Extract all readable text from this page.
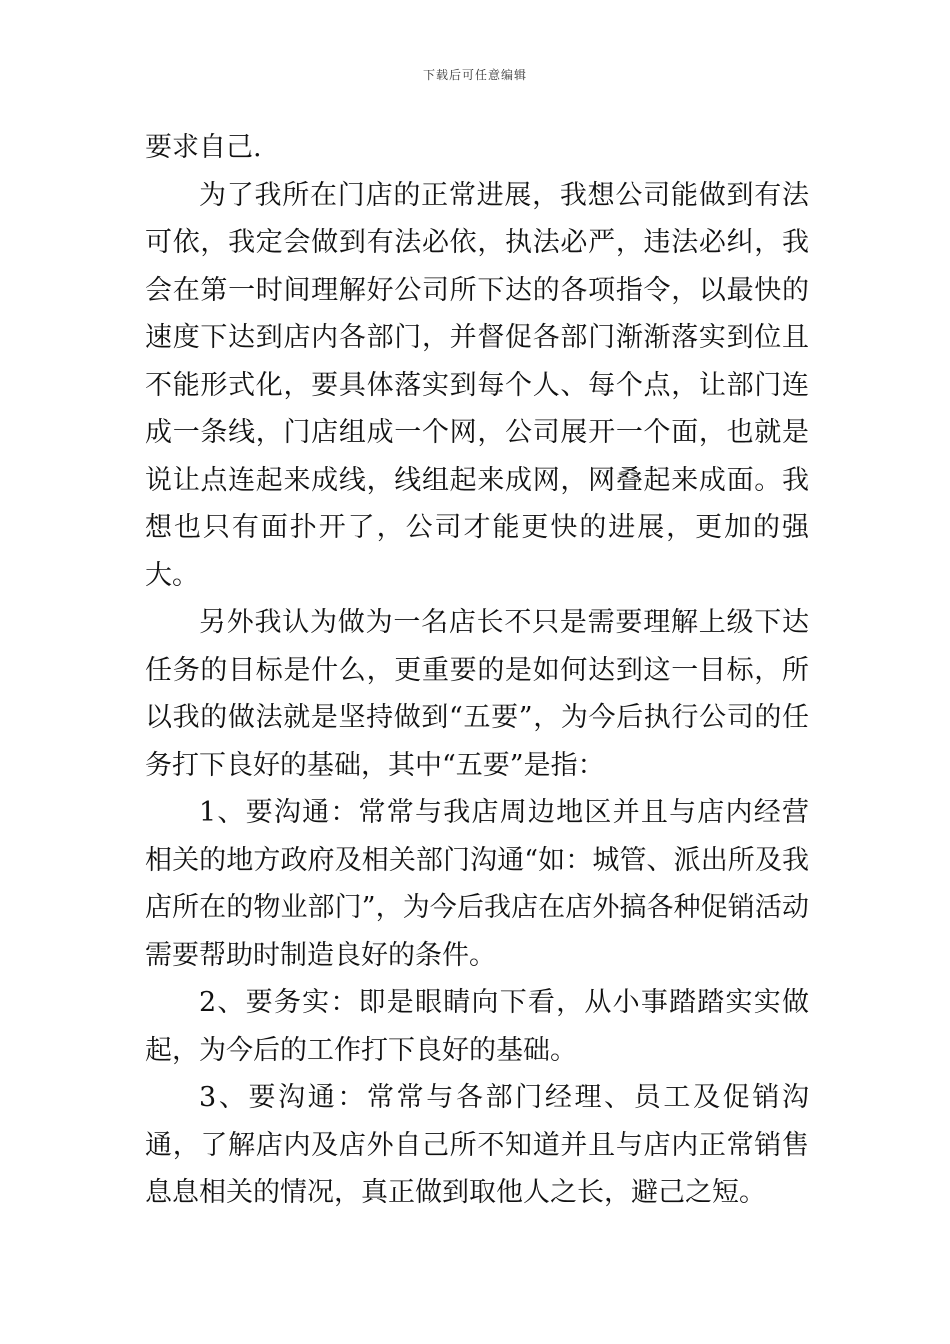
下载后可任意编辑

要求自己.

为了我所在门店的正常进展，我想公司能做到有法可依，我定会做到有法必依，执法必严，违法必纠，我会在第一时间理解好公司所下达的各项指令，以最快的速度下达到店内各部门，并督促各部门渐渐落实到位且不能形式化，要具体落实到每个人、每个点，让部门连成一条线，门店组成一个网，公司展开一个面，也就是说让点连起来成线，线组起来成网，网叠起来成面。我想也只有面扑开了，公司才能更快的进展，更加的强大。

另外我认为做为一名店长不只是需要理解上级下达任务的目标是什么，更重要的是如何达到这一目标，所以我的做法就是坚持做到“五要”，为今后执行公司的任务打下良好的基础，其中“五要”是指：

1、要沟通：常常与我店周边地区并且与店内经营相关的地方政府及相关部门沟通“如：城管、派出所及我店所在的物业部门”，为今后我店在店外搞各种促销活动需要帮助时制造良好的条件。

2、要务实：即是眼睛向下看，从小事踏踏实实做起，为今后的工作打下良好的基础。

3、要沟通：常常与各部门经理、员工及促销沟通，了解店内及店外自己所不知道并且与店内正常销售息息相关的情况，真正做到取他人之长，避己之短。
